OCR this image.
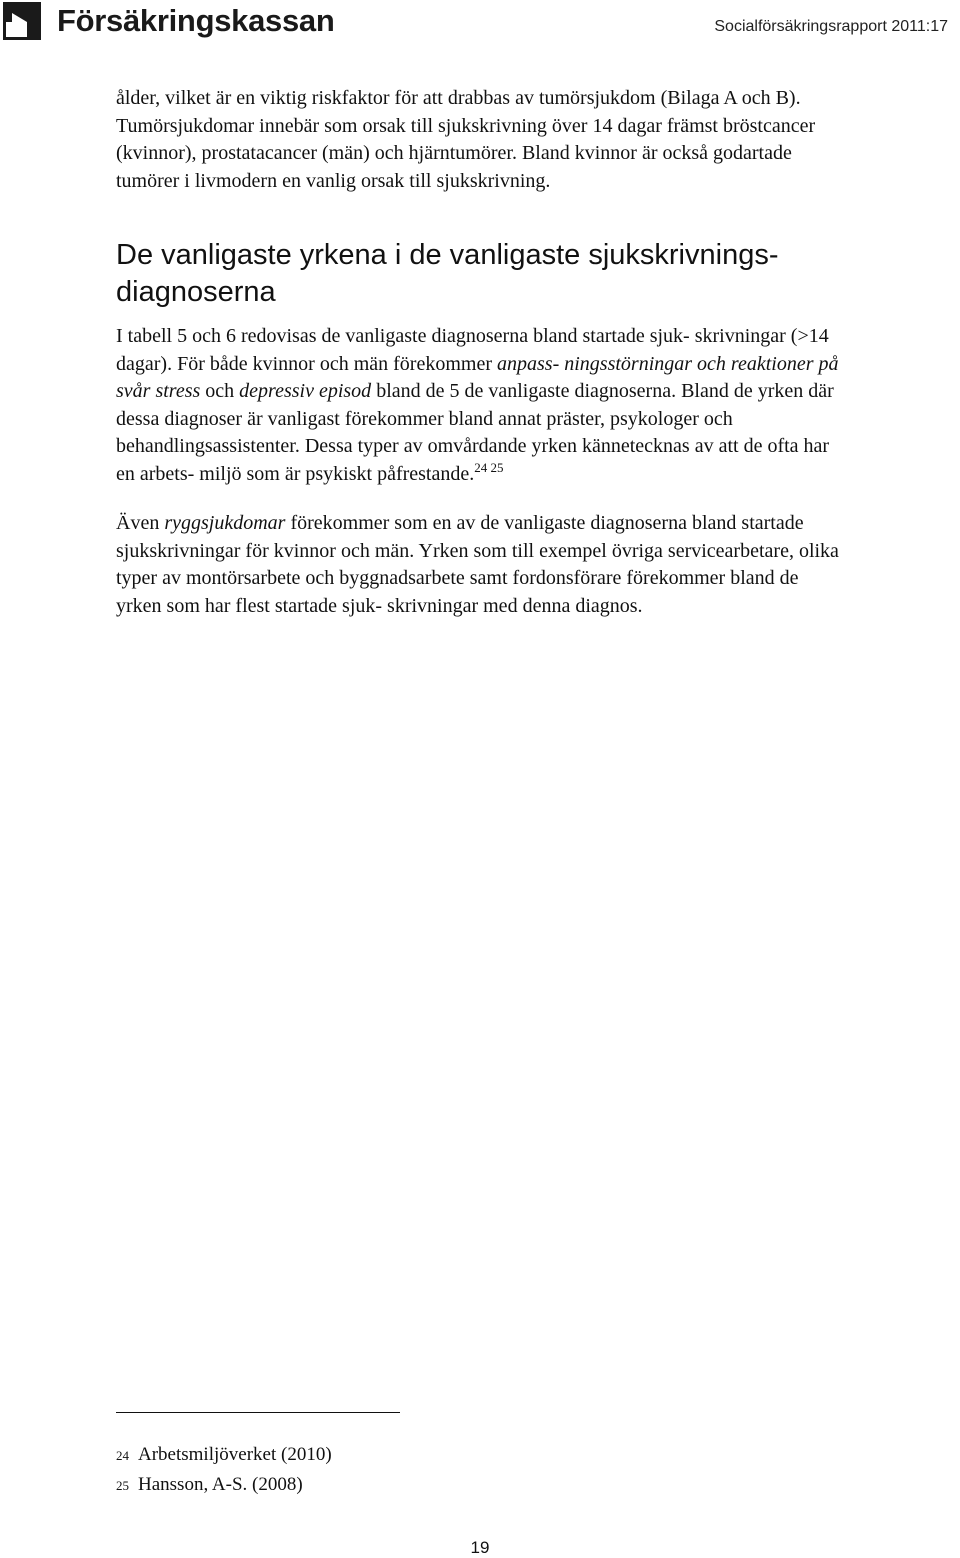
Försäkringskassan	Socialförsäkringsrapport 2011:17

ålder, vilket är en viktig riskfaktor för att drabbas av tumörsjukdom (Bilaga A och B). Tumörsjukdomar innebär som orsak till sjukskrivning över 14 dagar främst bröstcancer (kvinnor), prostatacancer (män) och hjärntumörer. Bland kvinnor är också godartade tumörer i livmodern en vanlig orsak till sjukskrivning.

De vanligaste yrkena i de vanligaste sjukskrivnings-
diagnoserna

I tabell 5 och 6 redovisas de vanligaste diagnoserna bland startade sjuk- skrivningar (>14 dagar). För både kvinnor och män förekommer anpass- ningsstörningar och reaktioner på svår stress och depressiv episod bland de 5 de vanligaste diagnoserna. Bland de yrken där dessa diagnoser är vanligast förekommer bland annat präster, psykologer och behandlingsassistenter. Dessa typer av omvårdande yrken kännetecknas av att de ofta har en arbets- miljö som är psykiskt påfrestande.$^{24 25}$

Även ryggsjukdomar förekommer som en av de vanligaste diagnoserna bland startade sjukskrivningar för kvinnor och män. Yrken som till exempel övriga servicearbetare, olika typer av montörsarbete och byggnadsarbete samt fordonsförare förekommer bland de yrken som har flest startade sjuk- skrivningar med denna diagnos.

24 Arbetsmiljöverket (2010)
25 Hansson, A-S. (2008)
19
